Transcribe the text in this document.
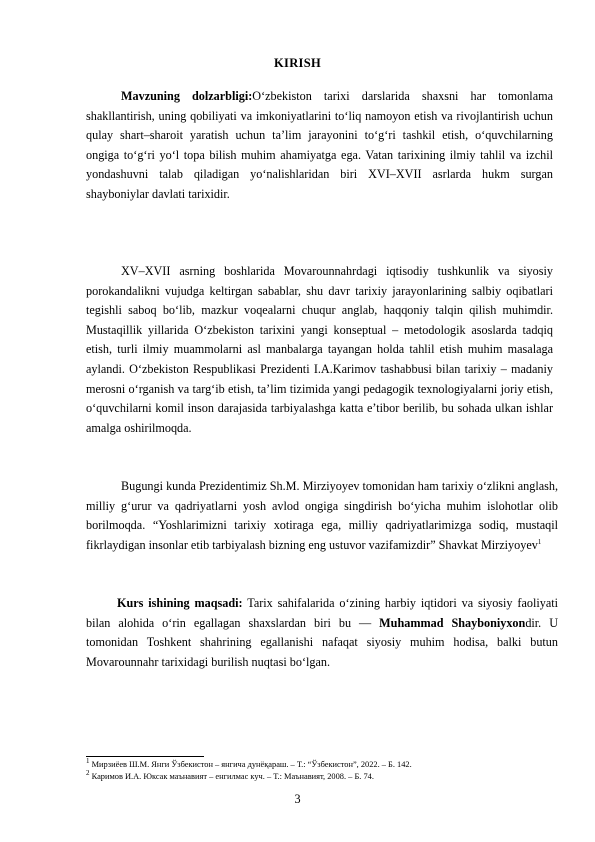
KIRISH
Mavzuning dolzarbligi:O‘zbekiston tarixi darslarida shaxsni har tomonlama shakllantirish, uning qobiliyati va imkoniyatlarini to‘liq namoyon etish va rivojlantirish uchun qulay shart–sharoit yaratish uchun ta’lim jarayonini to‘g‘ri tashkil etish, o‘quvchilarning ongiga to‘g‘ri yo‘l topa bilish muhim ahamiyatga ega. Vatan tarixining ilmiy tahlil va izchil yondashuvni talab qiladigan yo‘nalishlaridan biri XVI–XVII asrlarda hukm surgan shayboniylar davlati tarixidir.
XV–XVII asrning boshlarida Movarounnahrdagi iqtisodiy tushkunlik va siyosiy porokandalikni vujudga keltirgan sabablar, shu davr tarixiy jarayonlarining salbiy oqibatlari tegishli saboq bo‘lib, mazkur voqealarni chuqur anglab, haqqoniy talqin qilish muhimdir. Mustaqillik yillarida O‘zbekiston tarixini yangi konseptual – metodologik asoslarda tadqiq etish, turli ilmiy muammolarni asl manbalarga tayangan holda tahlil etish muhim masalaga aylandi. O‘zbekiston Respublikasi Prezidenti I.A.Karimov tashabbusi bilan tarixiy – madaniy merosni o‘rganish va targ‘ib etish, ta’lim tizimida yangi pedagogik texnologiyalarni joriy etish, o‘quvchilarni komil inson darajasida tarbiyalashga katta e’tibor berilib, bu sohada ulkan ishlar amalga oshirilmoqda.
Bugungi kunda Prezidentimiz Sh.M. Mirziyoyev tomonidan ham tarixiy o‘zlikni anglash, milliy g‘urur va qadriyatlarni yosh avlod ongiga singdirish bo‘yicha muhim islohotlar olib borilmoqda. “Yoshlarimizni tarixiy xotiraga ega, milliy qadriyatlarimizga sodiq, mustaqil fikrlaydigan insonlar etib tarbiyalash bizning eng ustuvor vazifamizdir” Shavkat Mirziyoyev$^1$
Kurs ishining maqsadi: Tarix sahifalarida o‘zining harbiy iqtidori va siyosiy faoliyati bilan alohida o‘rin egallagan shaxslardan biri bu — Muhammad Shayboniyxondir. U tomonidan Toshkent shahrining egallanishi nafaqat siyosiy muhim hodisa, balki butun Movarounnahr tarixidagi burilish nuqtasi bo‘lgan.
$^1$ Мирзиёев Ш.М. Янги Ўзбекистон – янгича дунёқараш. – Т.: “Ўзбекистон”, 2022. – Б. 142.
$^2$ Каримов И.А. Юксак маънавият – енгилмас куч. – Т.: Маънавият, 2008. – Б. 74.
3
